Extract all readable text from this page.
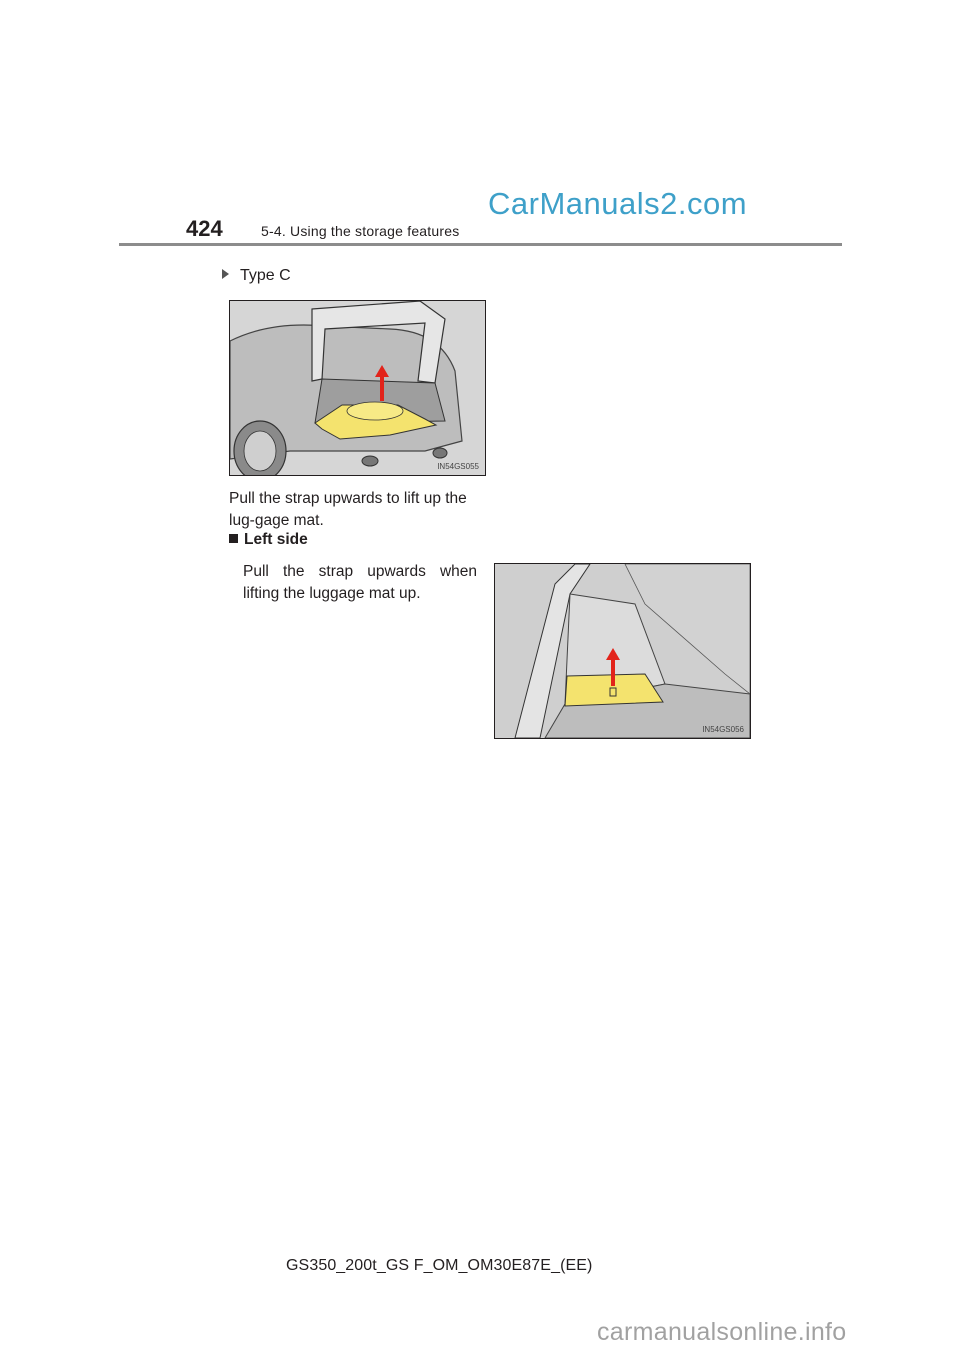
424	5-4. Using the storage features
CarManuals2.com
Type C
IN54GS055
Pull the strap upwards to lift up the lug-gage mat.
Left side
Pull the strap upwards when lifting the luggage mat up.
IN54GS056
GS350_200t_GS F_OM_OM30E87E_(EE)
carmanualsonline.info
